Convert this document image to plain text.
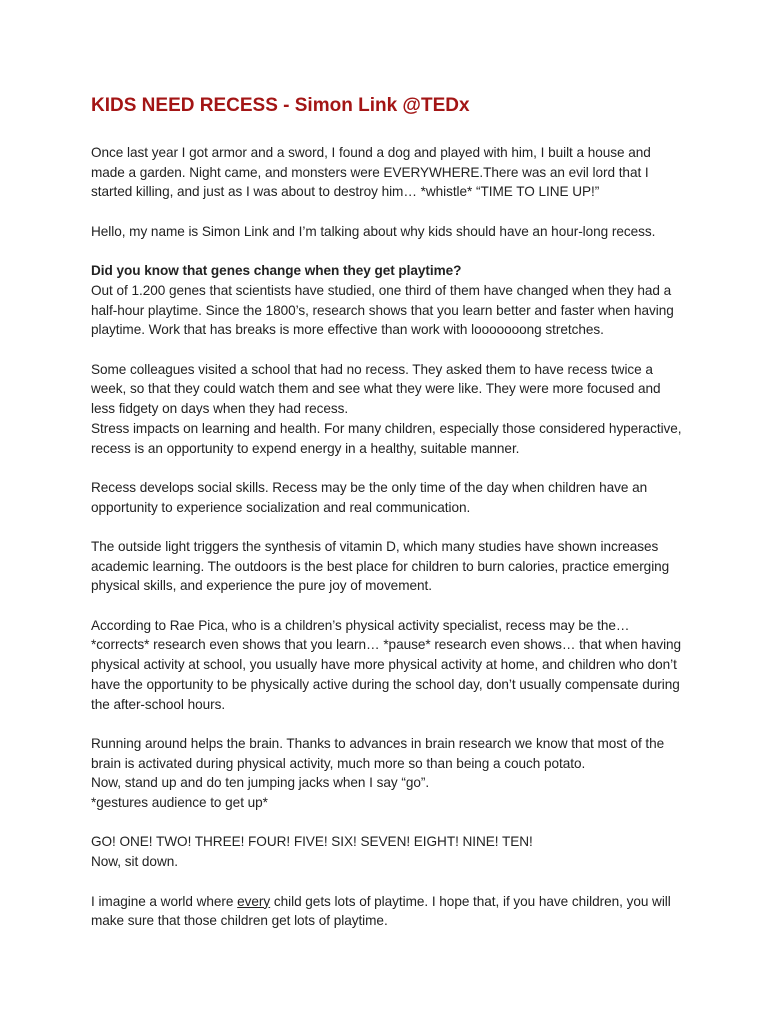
KIDS NEED RECESS - Simon Link @TEDx

Once last year I got armor and a sword, I found a dog and played with him, I built a house and made a garden. Night came, and monsters were EVERYWHERE.There was an evil lord that I started killing, and just as I was about to destroy him… *whistle* “TIME TO LINE UP!”

Hello, my name is Simon Link and I’m talking about why kids should have an hour-long recess.

Did you know that genes change when they get playtime?
Out of 1.200 genes that scientists have studied, one third of them have changed when they had a half-hour playtime. Since the 1800’s, research shows that you learn better and faster when having playtime. Work that has breaks is more effective than work with looooooong stretches.

Some colleagues visited a school that had no recess. They asked them to have recess twice a week, so that they could watch them and see what they were like. They were more focused and less fidgety on days when they had recess.
Stress impacts on learning and health. For many children, especially those considered hyperactive, recess is an opportunity to expend energy in a healthy, suitable manner.

Recess develops social skills. Recess may be the only time of the day when children have an opportunity to experience socialization and real communication.

The outside light triggers the synthesis of vitamin D, which many studies have shown increases academic learning. The outdoors is the best place for children to burn calories, practice emerging physical skills, and experience the pure joy of movement.

According to Rae Pica, who is a children’s physical activity specialist, recess may be the…
*corrects* research even shows that you learn… *pause* research even shows… that when having physical activity at school, you usually have more physical activity at home, and children who don’t have the opportunity to be physically active during the school day, don’t usually compensate during the after-school hours.

Running around helps the brain. Thanks to advances in brain research we know that most of the brain is activated during physical activity, much more so than being a couch potato.
Now, stand up and do ten jumping jacks when I say “go”.
*gestures audience to get up*

GO! ONE! TWO! THREE! FOUR! FIVE! SIX! SEVEN! EIGHT! NINE! TEN!
Now, sit down.

I imagine a world where every child gets lots of playtime. I hope that, if you have children, you will make sure that those children get lots of playtime.
